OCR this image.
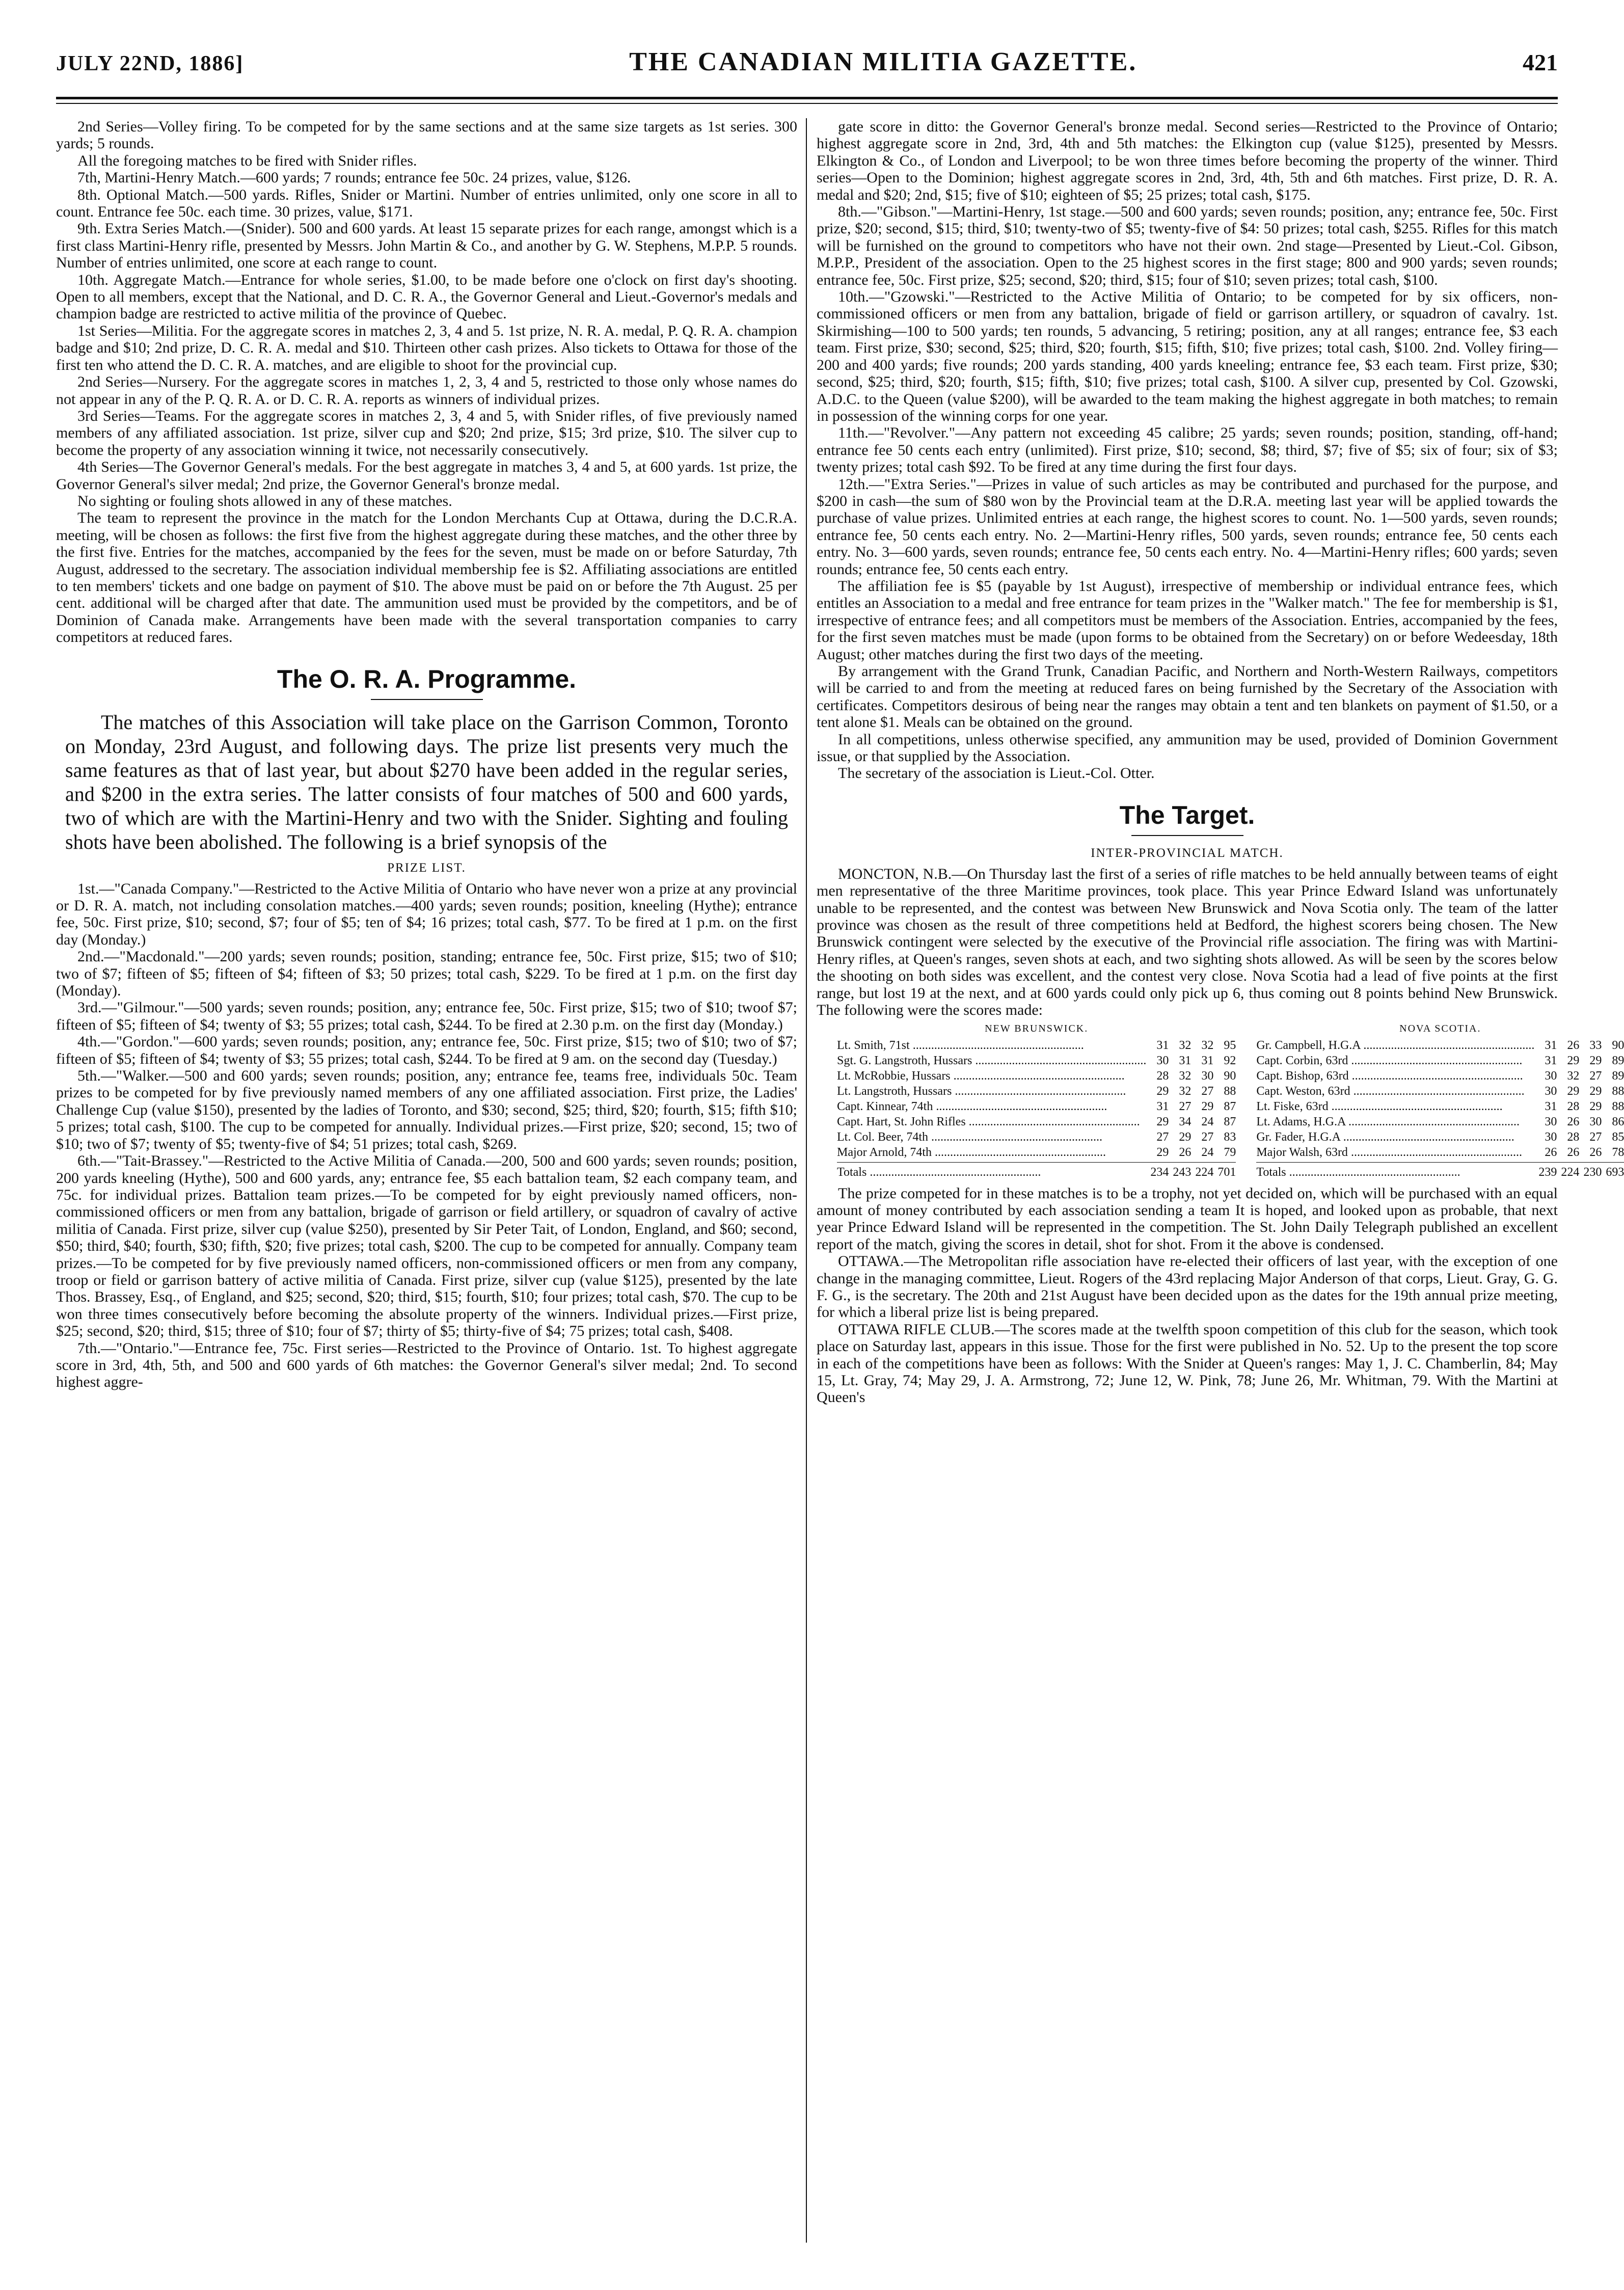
JULY 22ND, 1886]	THE CANADIAN MILITIA GAZETTE.	421

2nd Series—Volley firing. To be competed for by the same sections and at the same size targets as 1st series. 300 yards; 5 rounds.

All the foregoing matches to be fired with Snider rifles.

7th, Martini-Henry Match.—600 yards; 7 rounds; entrance fee 50c. 24 prizes, value, $126.

8th. Optional Match.—500 yards. Rifles, Snider or Martini. Number of entries unlimited, only one score in all to count. Entrance fee 50c. each time. 30 prizes, value, $171.

9th. Extra Series Match.—(Snider). 500 and 600 yards. At least 15 separate prizes for each range, amongst which is a first class Martini-Henry rifle, presented by Messrs. John Martin & Co., and another by G. W. Stephens, M.P.P. 5 rounds. Number of entries unlimited, one score at each range to count.

10th. Aggregate Match.—Entrance for whole series, $1.00, to be made before one o'clock on first day's shooting. Open to all members, except that the National, and D. C. R. A., the Governor General and Lieut.-Governor's medals and champion badge are restricted to active militia of the province of Quebec.

1st Series—Militia. For the aggregate scores in matches 2, 3, 4 and 5. 1st prize, N. R. A. medal, P. Q. R. A. champion badge and $10; 2nd prize, D. C. R. A. medal and $10. Thirteen other cash prizes. Also tickets to Ottawa for those of the first ten who attend the D. C. R. A. matches, and are eligible to shoot for the provincial cup.

2nd Series—Nursery. For the aggregate scores in matches 1, 2, 3, 4 and 5, restricted to those only whose names do not appear in any of the P. Q. R. A. or D. C. R. A. reports as winners of individual prizes.

3rd Series—Teams. For the aggregate scores in matches 2, 3, 4 and 5, with Snider rifles, of five previously named members of any affiliated association. 1st prize, silver cup and $20; 2nd prize, $15; 3rd prize, $10. The silver cup to become the property of any association winning it twice, not necessarily consecutively.

4th Series—The Governor General's medals. For the best aggregate in matches 3, 4 and 5, at 600 yards. 1st prize, the Governor General's silver medal; 2nd prize, the Governor General's bronze medal.

No sighting or fouling shots allowed in any of these matches.

The team to represent the province in the match for the London Merchants Cup at Ottawa, during the D.C.R.A. meeting, will be chosen as follows: the first five from the highest aggregate during these matches, and the other three by the first five. Entries for the matches, accompanied by the fees for the seven, must be made on or before Saturday, 7th August, addressed to the secretary. The association individual membership fee is $2. Affiliating associations are entitled to ten members' tickets and one badge on payment of $10. The above must be paid on or before the 7th August. 25 per cent. additional will be charged after that date. The ammunition used must be provided by the competitors, and be of Dominion of Canada make. Arrangements have been made with the several transportation companies to carry competitors at reduced fares.

The O. R. A. Programme.

The matches of this Association will take place on the Garrison Common, Toronto on Monday, 23rd August, and following days. The prize list presents very much the same features as that of last year, but about $270 have been added in the regular series, and $200 in the extra series. The latter consists of four matches of 500 and 600 yards, two of which are with the Martini-Henry and two with the Snider. Sighting and fouling shots have been abolished. The following is a brief synopsis of the

PRIZE LIST.

1st.—"Canada Company."—Restricted to the Active Militia of Ontario who have never won a prize at any provincial or D. R. A. match, not including consolation matches.—400 yards; seven rounds; position, kneeling (Hythe); entrance fee, 50c. First prize, $10; second, $7; four of $5; ten of $4; 16 prizes; total cash, $77. To be fired at 1 p.m. on the first day (Monday.)

2nd.—"Macdonald."—200 yards; seven rounds; position, standing; entrance fee, 50c. First prize, $15; two of $10; two of $7; fifteen of $5; fifteen of $4; fifteen of $3; 50 prizes; total cash, $229. To be fired at 1 p.m. on the first day (Monday).

3rd.—"Gilmour."—500 yards; seven rounds; position, any; entrance fee, 50c. First prize, $15; two of $10; twoof $7; fifteen of $5; fifteen of $4; twenty of $3; 55 prizes; total cash, $244. To be fired at 2.30 p.m. on the first day (Monday.)

4th.—"Gordon."—600 yards; seven rounds; position, any; entrance fee, 50c. First prize, $15; two of $10; two of $7; fifteen of $5; fifteen of $4; twenty of $3; 55 prizes; total cash, $244. To be fired at 9 am. on the second day (Tuesday.)

5th.—"Walker.—500 and 600 yards; seven rounds; position, any; entrance fee, teams free, individuals 50c. Team prizes to be competed for by five previously named members of any one affiliated association. First prize, the Ladies' Challenge Cup (value $150), presented by the ladies of Toronto, and $30; second, $25; third, $20; fourth, $15; fifth $10; 5 prizes; total cash, $100. The cup to be competed for annually. Individual prizes.—First prize, $20; second, 15; two of $10; two of $7; twenty of $5; twenty-five of $4; 51 prizes; total cash, $269.

6th.—"Tait-Brassey."—Restricted to the Active Militia of Canada.—200, 500 and 600 yards; seven rounds; position, 200 yards kneeling (Hythe), 500 and 600 yards, any; entrance fee, $5 each battalion team, $2 each company team, and 75c. for individual prizes. Battalion team prizes.—To be competed for by eight previously named officers, non-commissioned officers or men from any battalion, brigade of garrison or field artillery, or squadron of cavalry of active militia of Canada. First prize, silver cup (value $250), presented by Sir Peter Tait, of London, England, and $60; second, $50; third, $40; fourth, $30; fifth, $20; five prizes; total cash, $200. The cup to be competed for annually. Company team prizes.—To be competed for by five previously named officers, non-commissioned officers or men from any company, troop or field or garrison battery of active militia of Canada. First prize, silver cup (value $125), presented by the late Thos. Brassey, Esq., of England, and $25; second, $20; third, $15; fourth, $10; four prizes; total cash, $70. The cup to be won three times consecutively before becoming the absolute property of the winners. Individual prizes.—First prize, $25; second, $20; third, $15; three of $10; four of $7; thirty of $5; thirty-five of $4; 75 prizes; total cash, $408.

7th.—"Ontario."—Entrance fee, 75c. First series—Restricted to the Province of Ontario. 1st. To highest aggregate score in 3rd, 4th, 5th, and 500 and 600 yards of 6th matches: the Governor General's silver medal; 2nd. To second highest aggre-

gate score in ditto: the Governor General's bronze medal. Second series—Restricted to the Province of Ontario; highest aggregate score in 2nd, 3rd, 4th and 5th matches: the Elkington cup (value $125), presented by Messrs. Elkington & Co., of London and Liverpool; to be won three times before becoming the property of the winner. Third series—Open to the Dominion; highest aggregate scores in 2nd, 3rd, 4th, 5th and 6th matches. First prize, D. R. A. medal and $20; 2nd, $15; five of $10; eighteen of $5; 25 prizes; total cash, $175.

8th.—"Gibson."—Martini-Henry, 1st stage.—500 and 600 yards; seven rounds; position, any; entrance fee, 50c. First prize, $20; second, $15; third, $10; twenty-two of $5; twenty-five of $4: 50 prizes; total cash, $255. Rifles for this match will be furnished on the ground to competitors who have not their own. 2nd stage—Presented by Lieut.-Col. Gibson, M.P.P., President of the association. Open to the 25 highest scores in the first stage; 800 and 900 yards; seven rounds; entrance fee, 50c. First prize, $25; second, $20; third, $15; four of $10; seven prizes; total cash, $100.

10th.—"Gzowski."—Restricted to the Active Militia of Ontario; to be competed for by six officers, non-commissioned officers or men from any battalion, brigade of field or garrison artillery, or squadron of cavalry. 1st. Skirmishing—100 to 500 yards; ten rounds, 5 advancing, 5 retiring; position, any at all ranges; entrance fee, $3 each team. First prize, $30; second, $25; third, $20; fourth, $15; fifth, $10; five prizes; total cash, $100. 2nd. Volley firing—200 and 400 yards; five rounds; 200 yards standing, 400 yards kneeling; entrance fee, $3 each team. First prize, $30; second, $25; third, $20; fourth, $15; fifth, $10; five prizes; total cash, $100. A silver cup, presented by Col. Gzowski, A.D.C. to the Queen (value $200), will be awarded to the team making the highest aggregate in both matches; to remain in possession of the winning corps for one year.

11th.—"Revolver."—Any pattern not exceeding 45 calibre; 25 yards; seven rounds; position, standing, off-hand; entrance fee 50 cents each entry (unlimited). First prize, $10; second, $8; third, $7; five of $5; six of four; six of $3; twenty prizes; total cash $92. To be fired at any time during the first four days.

12th.—"Extra Series."—Prizes in value of such articles as may be contributed and purchased for the purpose, and $200 in cash—the sum of $80 won by the Provincial team at the D.R.A. meeting last year will be applied towards the purchase of value prizes. Unlimited entries at each range, the highest scores to count. No. 1—500 yards, seven rounds; entrance fee, 50 cents each entry. No. 2—Martini-Henry rifles, 500 yards, seven rounds; entrance fee, 50 cents each entry. No. 3—600 yards, seven rounds; entrance fee, 50 cents each entry. No. 4—Martini-Henry rifles; 600 yards; seven rounds; entrance fee, 50 cents each entry.

The affiliation fee is $5 (payable by 1st August), irrespective of membership or individual entrance fees, which entitles an Association to a medal and free entrance for team prizes in the "Walker match." The fee for membership is $1, irrespective of entrance fees; and all competitors must be members of the Association. Entries, accompanied by the fees, for the first seven matches must be made (upon forms to be obtained from the Secretary) on or before Wedeesday, 18th August; other matches during the first two days of the meeting.

By arrangement with the Grand Trunk, Canadian Pacific, and Northern and North-Western Railways, competitors will be carried to and from the meeting at reduced fares on being furnished by the Secretary of the Association with certificates. Competitors desirous of being near the ranges may obtain a tent and ten blankets on payment of $1.50, or a tent alone $1. Meals can be obtained on the ground.

In all competitions, unless otherwise specified, any ammunition may be used, provided of Dominion Government issue, or that supplied by the Association.

The secretary of the association is Lieut.-Col. Otter.

The Target.
INTER-PROVINCIAL MATCH.

MONCTON, N.B.—On Thursday last the first of a series of rifle matches to be held annually between teams of eight men representative of the three Maritime provinces, took place. This year Prince Edward Island was unfortunately unable to be represented, and the contest was between New Brunswick and Nova Scotia only. The team of the latter province was chosen as the result of three competitions held at Bedford, the highest scorers being chosen. The New Brunswick contingent were selected by the executive of the Provincial rifle association. The firing was with Martini-Henry rifles, at Queen's ranges, seven shots at each, and two sighting shots allowed. As will be seen by the scores below the shooting on both sides was excellent, and the contest very close. Nova Scotia had a lead of five points at the first range, but lost 19 at the next, and at 600 yards could only pick up 6, thus coming out 8 points behind New Brunswick. The following were the scores made:

NEW BRUNSWICK.
Lt. Smith, 71st .....	31 32 32 95
Sgt. G. Langstroth, Hussars .....	30 31 31 92
Lt. McRobbie, Hussars .....	28 32 30 90
Lt. Langstroth, Hussars .....	29 32 27 88
Capt. Kinnear, 74th .....	31 27 29 87
Capt. Hart, St. John Rifles .....	29 34 24 87
Lt. Col. Beer, 74th .....	27 29 27 83
Major Arnold, 74th .....	29 26 24 79
Totals .....	234 243 224 701
NOVA SCOTIA.
Gr. Campbell, H.G.A .....	31 26 33 90
Capt. Corbin, 63rd .....	31 29 29 89
Capt. Bishop, 63rd .....	30 32 27 89
Capt. Weston, 63rd .....	30 29 29 88
Lt. Fiske, 63rd .....	31 28 29 88
Lt. Adams, H.G.A .....	30 26 30 86
Gr. Fader, H.G.A .....	30 28 27 85
Major Walsh, 63rd .....	26 26 26 78
Totals .....	239 224 230 693

The prize competed for in these matches is to be a trophy, not yet decided on, which will be purchased with an equal amount of money contributed by each association sending a team It is hoped, and looked upon as probable, that next year Prince Edward Island will be represented in the competition. The St. John Daily Telegraph published an excellent report of the match, giving the scores in detail, shot for shot. From it the above is condensed.

OTTAWA.—The Metropolitan rifle association have re-elected their officers of last year, with the exception of one change in the managing committee, Lieut. Rogers of the 43rd replacing Major Anderson of that corps, Lieut. Gray, G. G. F. G., is the secretary. The 20th and 21st August have been decided upon as the dates for the 19th annual prize meeting, for which a liberal prize list is being prepared.

OTTAWA RIFLE CLUB.—The scores made at the twelfth spoon competition of this club for the season, which took place on Saturday last, appears in this issue. Those for the first were published in No. 52. Up to the present the top score in each of the competitions have been as follows: With the Snider at Queen's ranges: May 1, J. C. Chamberlin, 84; May 15, Lt. Gray, 74; May 29, J. A. Armstrong, 72; June 12, W. Pink, 78; June 26, Mr. Whitman, 79. With the Martini at Queen's
